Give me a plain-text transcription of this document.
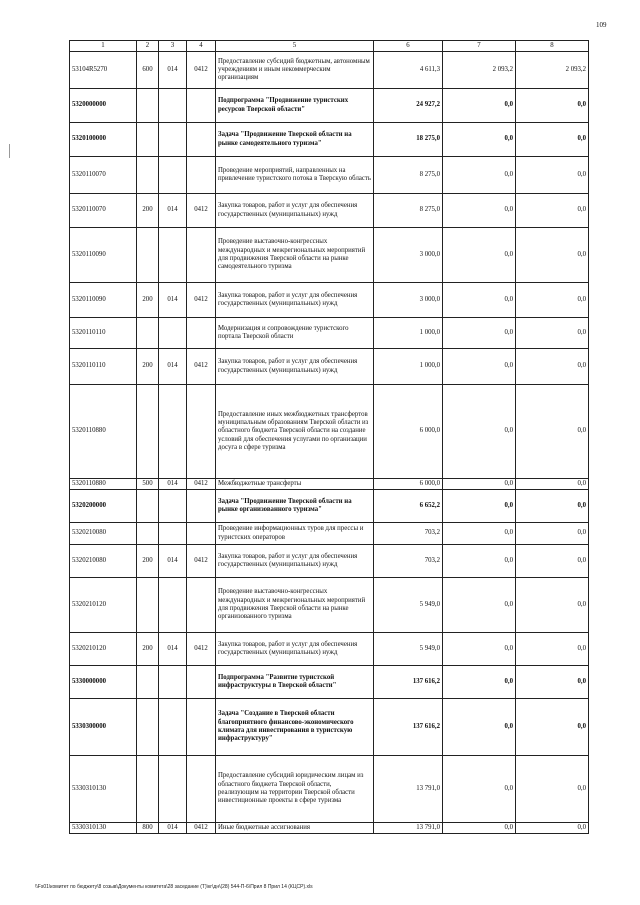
109
1	2	3	4	5	6	7	8
53104R5270	600	014	0412	Предоставление субсидий бюджетным, автономным учреждениям и иным некоммерческим организациям	4 611,3	2 093,2	2 093,2
5320000000				Подпрограмма "Продвижение туристских ресурсов Тверской области"	24 927,2	0,0	0,0
5320100000				Задача "Продвижение Тверской области на рынке самодеятельного туризма"	18 275,0	0,0	0,0
5320110070				Проведение мероприятий, направленных на привлечение туристского потока в Тверскую область	8 275,0	0,0	0,0
5320110070	200	014	0412	Закупка товаров, работ и услуг для обеспечения государственных (муниципальных) нужд	8 275,0	0,0	0,0
5320110090				Проведение выставочно-конгрессных международных и межрегиональных мероприятий для продвижения Тверской области на рынке самодеятельного туризма	3 000,0	0,0	0,0
5320110090	200	014	0412	Закупка товаров, работ и услуг для обеспечения государственных (муниципальных) нужд	3 000,0	0,0	0,0
5320110110				Модернизация и сопровождение туристского портала Тверской области	1 000,0	0,0	0,0
5320110110	200	014	0412	Закупка товаров, работ и услуг для обеспечения государственных (муниципальных) нужд	1 000,0	0,0	0,0
5320110880				Предоставление иных межбюджетных трансфертов муниципальным образованиям Тверской области из областного бюджета Тверской области на создание условий для обеспечения услугами по организации досуга в сфере туризма	6 000,0	0,0	0,0
5320110880	500	014	0412	Межбюджетные трансферты	6 000,0	0,0	0,0
5320200000				Задача "Продвижение Тверской области на рынке организованного туризма"	6 652,2	0,0	0,0
5320210080				Проведение информационных туров для прессы и туристских операторов	703,2	0,0	0,0
5320210080	200	014	0412	Закупка товаров, работ и услуг для обеспечения государственных (муниципальных) нужд	703,2	0,0	0,0
5320210120				Проведение выставочно-конгрессных международных и межрегиональных мероприятий для продвижения Тверской области на рынке организованного туризма	5 949,0	0,0	0,0
5320210120	200	014	0412	Закупка товаров, работ и услуг для обеспечения государственных (муниципальных) нужд	5 949,0	0,0	0,0
5330000000				Подпрограмма "Развитие туристской инфраструктуры в Тверской области"	137 616,2	0,0	0,0
5330300000				Задача "Создание в Тверской области благоприятного финансово-экономического климата для инвестирования в туристскую инфраструктуру"	137 616,2	0,0	0,0
5330310130				Предоставление субсидий юридическим лицам из областного бюджета Тверской области, реализующим на территории Тверской области инвестиционные проекты в сфере туризма	13 791,0	0,0	0,0
5330310130	800	014	0412	Иные бюджетные ассигнования	13 791,0	0,0	0,0
\\Fs01\комитет по бюджету\8 созыв\Документы комитета\28 заседание (Т)\кг\дн\(28) 544-П-6\Прил 8 Прил 14 (КЦСР).xls
